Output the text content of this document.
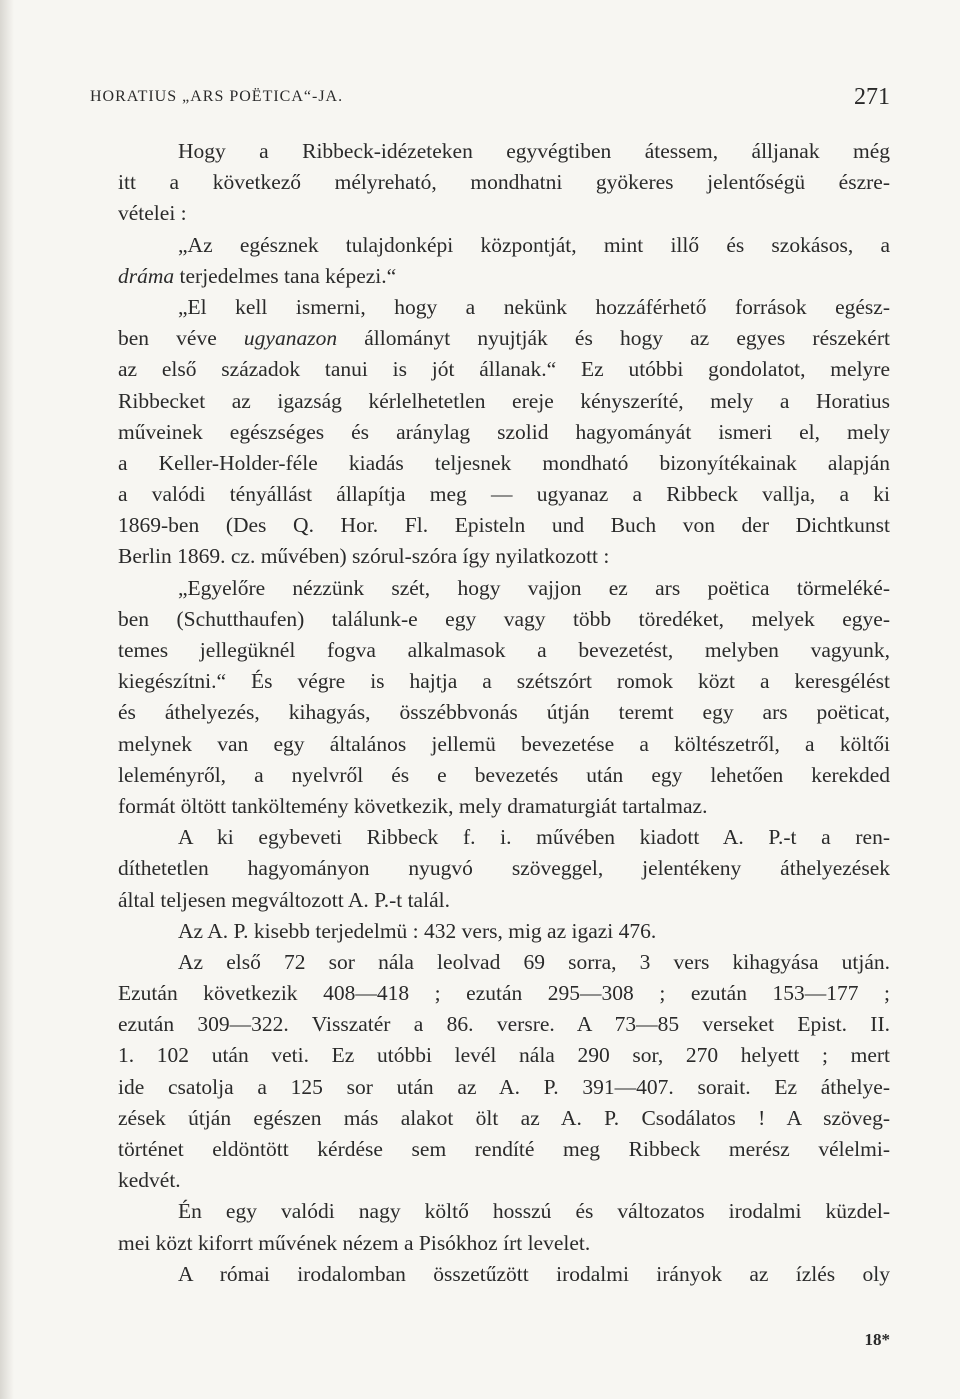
HORATIUS „ARS POËTICA“-JA.	271
Hogy a Ribbeck-idézeteken egyvégtiben átessem, álljanak még
itt a következő mélyreható, mondhatni gyökeres jelentőségü észre-
vételei :
„Az egésznek tulajdonképi központját, mint illő és szokásos, a
dráma terjedelmes tana képezi.“
„El kell ismerni, hogy a nekünk hozzáférhető források egész-
ben véve ugyanazon állományt nyujtják és hogy az egyes részekért
az első századok tanui is jót állanak.“ Ez utóbbi gondolatot, melyre
Ribbecket az igazság kérlelhetetlen ereje kényszeríté, mely a Horatius
műveinek egészséges és aránylag szolid hagyományát ismeri el, mely
a Keller-Holder-féle kiadás teljesnek mondható bizonyítékainak alapján
a valódi tényállást állapítja meg — ugyanaz a Ribbeck vallja, a ki
1869-ben (Des Q. Hor. Fl. Episteln und Buch von der Dichtkunst
Berlin 1869. cz. művében) szórul-szóra így nyilatkozott :
„Egyelőre nézzünk szét, hogy vajjon ez ars poëtica törmeléké-
ben (Schutthaufen) találunk-e egy vagy több töredéket, melyek egye-
temes jellegüknél fogva alkalmasok a bevezetést, melyben vagyunk,
kiegészítni.“ És végre is hajtja a szétszórt romok közt a keresgélést
és áthelyezés, kihagyás, összébbvonás útján teremt egy ars poëticat,
melynek van egy általános jellemü bevezetése a költészetről, a költői
leleményről, a nyelvről és e bevezetés után egy lehetően kerekded
formát öltött tanköltemény következik, mely dramaturgiát tartalmaz.
A ki egybeveti Ribbeck f. i. művében kiadott A. P.-t a ren-
díthetetlen hagyományon nyugvó szöveggel, jelentékeny áthelyezések
által teljesen megváltozott A. P.-t talál.
Az A. P. kisebb terjedelmü : 432 vers, mig az igazi 476.
Az első 72 sor nála leolvad 69 sorra, 3 vers kihagyása utján.
Ezután következik 408—418 ; ezután 295—308 ; ezután 153—177 ;
ezután 309—322. Visszatér a 86. versre. A 73—85 verseket Epist. II.
1. 102 után veti. Ez utóbbi levél nála 290 sor, 270 helyett ; mert
ide csatolja a 125 sor után az A. P. 391—407. sorait. Ez áthelye-
zések útján egészen más alakot ölt az A. P. Csodálatos ! A szöveg-
történet eldöntött kérdése sem rendíté meg Ribbeck merész vélelmi-
kedvét.
Én egy valódi nagy költő hosszú és változatos irodalmi küzdel-
mei közt kiforrt művének nézem a Pisókhoz írt levelet.
A római irodalomban összetűzött irodalmi irányok az ízlés oly
18*
